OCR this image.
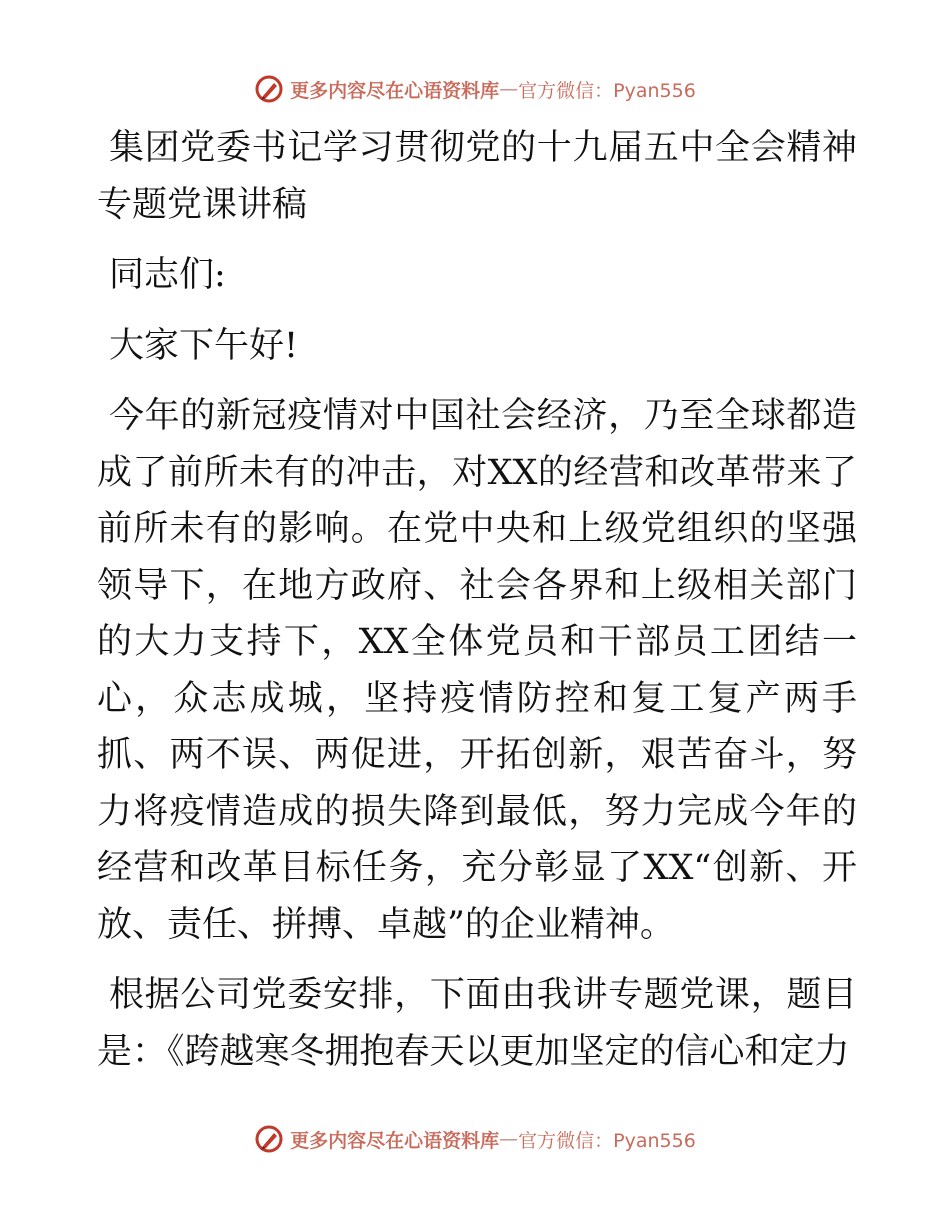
更多内容尽在心语资料库 — 官方微信：Pyan556

集团党委书记学习贯彻党的十九届五中全会精神专题党课讲稿

同志们:

大家下午好!

今年的新冠疫情对中国社会经济，乃至全球都造成了前所未有的冲击，对XX的经营和改革带来了前所未有的影响。在党中央和上级党组织的坚强领导下，在地方政府、社会各界和上级相关部门的大力支持下，XX全体党员和干部员工团结一心，众志成城，坚持疫情防控和复工复产两手抓、两不误、两促进，开拓创新，艰苦奋斗，努力将疫情造成的损失降到最低，努力完成今年的经营和改革目标任务，充分彰显了XX“创新、开放、责任、拼搏、卓越”的企业精神。

根据公司党委安排，下面由我讲专题党课，题目是：《跨越寒冬拥抱春天以更加坚定的信心和定力

更多内容尽在心语资料库 — 官方微信：Pyan556
